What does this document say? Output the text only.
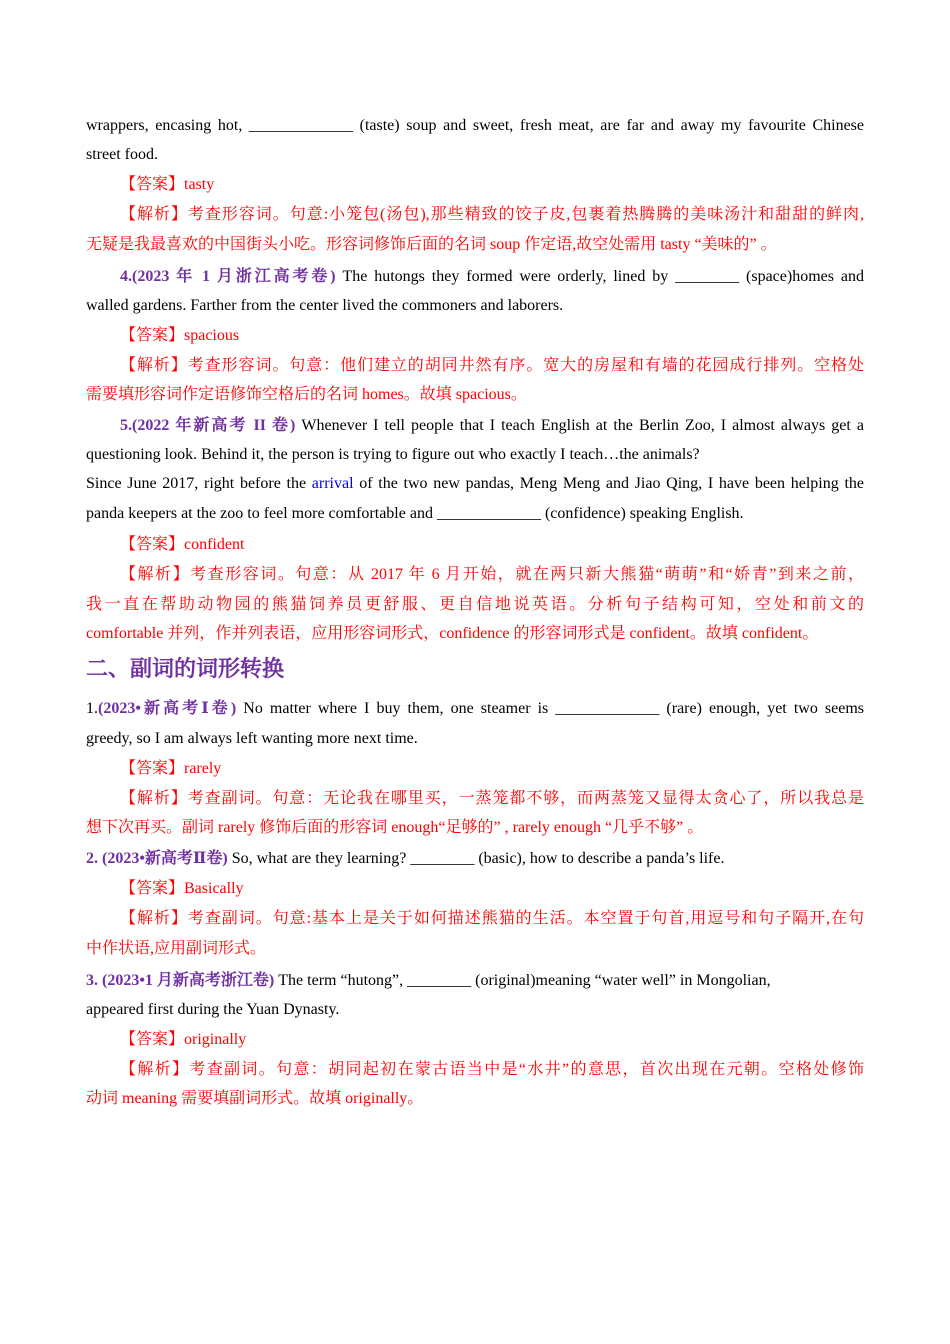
wrappers, encasing hot, _____________ (taste) soup and sweet, fresh meat, are far and away my favourite Chinese
street food.
【答案】tasty
【解析】考查形容词。句意:小笼包(汤包),那些精致的饺子皮,包裹着热腾腾的美味汤汁和甜甜的鲜肉,
无疑是我最喜欢的中国街头小吃。形容词修饰后面的名词 soup 作定语,故空处需用 tasty “美味的” 。
4.(2023 年 1 月浙江高考卷) The hutongs they formed were orderly, lined by ________ (space)homes and
walled gardens. Farther from the center lived the commoners and laborers.
【答案】spacious
【解析】考查形容词。句意：他们建立的胡同井然有序。宽大的房屋和有墙的花园成行排列。空格处
需要填形容词作定语修饰空格后的名词 homes。故填 spacious。
5.(2022 年新高考 II 卷) Whenever I tell people that I teach English at the Berlin Zoo, I almost always get a
questioning look. Behind it, the person is trying to figure out who exactly I teach…the animals?
Since June 2017, right before the arrival of the two new pandas, Meng Meng and Jiao Qing, I have been helping the
panda keepers at the zoo to feel more comfortable and _____________ (confidence) speaking English.
【答案】confident
【解析】考查形容词。句意：从 2017 年 6 月开始，就在两只新大熊猫“萌萌”和“娇青”到来之前，
我一直在帮助动物园的熊猫饲养员更舒服、更自信地说英语。分析句子结构可知，空处和前文的
comfortable 并列，作并列表语，应用形容词形式，confidence 的形容词形式是 confident。故填 confident。
二、副词的词形转换
1.(2023•新高考Ⅰ卷) No matter where I buy them, one steamer is _____________ (rare) enough, yet two seems
greedy, so I am always left wanting more next time.
【答案】rarely
【解析】考查副词。句意：无论我在哪里买，一蒸笼都不够，而两蒸笼又显得太贪心了，所以我总是
想下次再买。副词 rarely 修饰后面的形容词 enough“足够的” , rarely enough “几乎不够” 。
2. (2023•新高考Ⅱ卷) So, what are they learning? ________ (basic), how to describe a panda’s life.
【答案】Basically
【解析】考查副词。句意:基本上是关于如何描述熊猫的生活。本空置于句首,用逗号和句子隔开,在句
中作状语,应用副词形式。
3. (2023•1 月新高考浙江卷) The term “hutong”, ________ (original)meaning “water well” in Mongolian,
appeared first during the Yuan Dynasty.
【答案】originally
【解析】考查副词。句意：胡同起初在蒙古语当中是“水井”的意思，首次出现在元朝。空格处修饰
动词 meaning 需要填副词形式。故填 originally。
